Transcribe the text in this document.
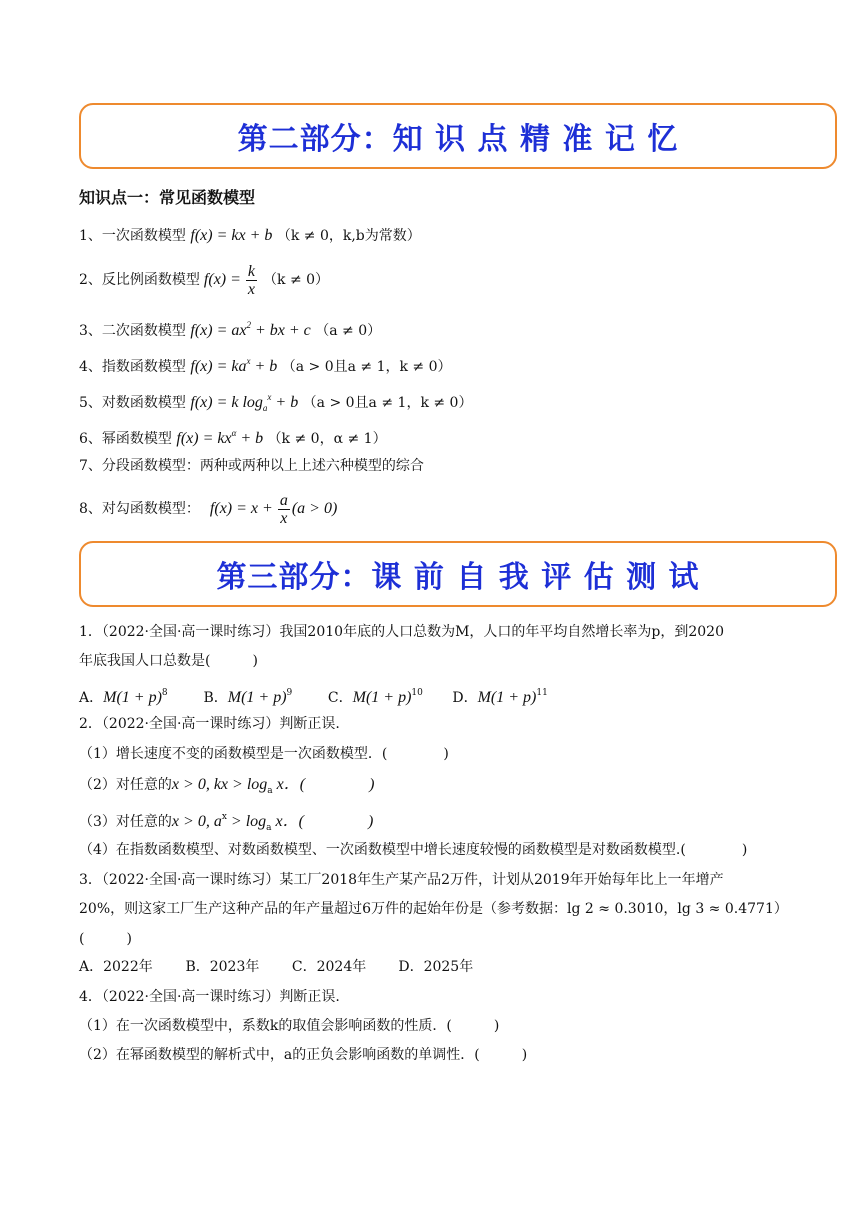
第二部分：知 识 点 精 准 记 忆
知识点一：常见函数模型
1、一次函数模型 f(x) = kx + b （k ≠ 0，k,b为常数）
2、反比例函数模型 $f(x) = \frac{k}{x} (k \ne 0)$
3、二次函数模型 $f(x) = ax^2$ + bx + c （a ≠ 0）
4、指数函数模型 $f(x) = ka^x + b$ （a > 0且a ≠ 1，k ≠ 0）
5、对数函数模型 f(x) = k $\log_a^x + b$ （a > 0且a ≠ 1，k ≠ 0）
6、幂函数模型 $f(x) = kx^\alpha + b$ （k ≠ 0，α ≠ 1）
7、分段函数模型：两种或两种以上上述六种模型的综合
8、对勾函数模型： $f(x) = x + \frac{a}{x} (a > 0)$
第三部分：课 前 自 我 评 估 测 试
1．（2022·全国·高一课时练习）我国2010年底的人口总数为M，人口的年平均自然增长率为p，到2020
年底我国人口总数是(　　　)
A．$M(1 + p)^8$	B．$M(1 + p)^9$	C．$M(1 + p)^{10}$ D．$M(1 + p)^{11}$
2．（2022·全国·高一课时练习）判断正误.
（1）增长速度不变的函数模型是一次函数模型．(　　　　)
（2）对任意的x > 0, kx > $\log_a x$．(　　　　)
（3）对任意的x > 0, $a^x > \log_a x$．(　　　　)
（4）在指数函数模型、对数函数模型、一次函数模型中增长速度较慢的函数模型是对数函数模型.(　　　　)
3．（2022·全国·高一课时练习）某工厂2018年生产某产品2万件，计划从2019年开始每年比上一年增产
20%，则这家工厂生产这种产品的年产量超过6万件的起始年份是（参考数据：lg 2 ≈ 0.3010，lg 3 ≈ 0.4771）
(　　　)
A．2022年 B．2023年 C．2024年 D．2025年
4．（2022·全国·高一课时练习）判断正误.
（1）在一次函数模型中，系数k的取值会影响函数的性质．(　　　)
（2）在幂函数模型的解析式中，a的正负会影响函数的单调性．(　　　)
